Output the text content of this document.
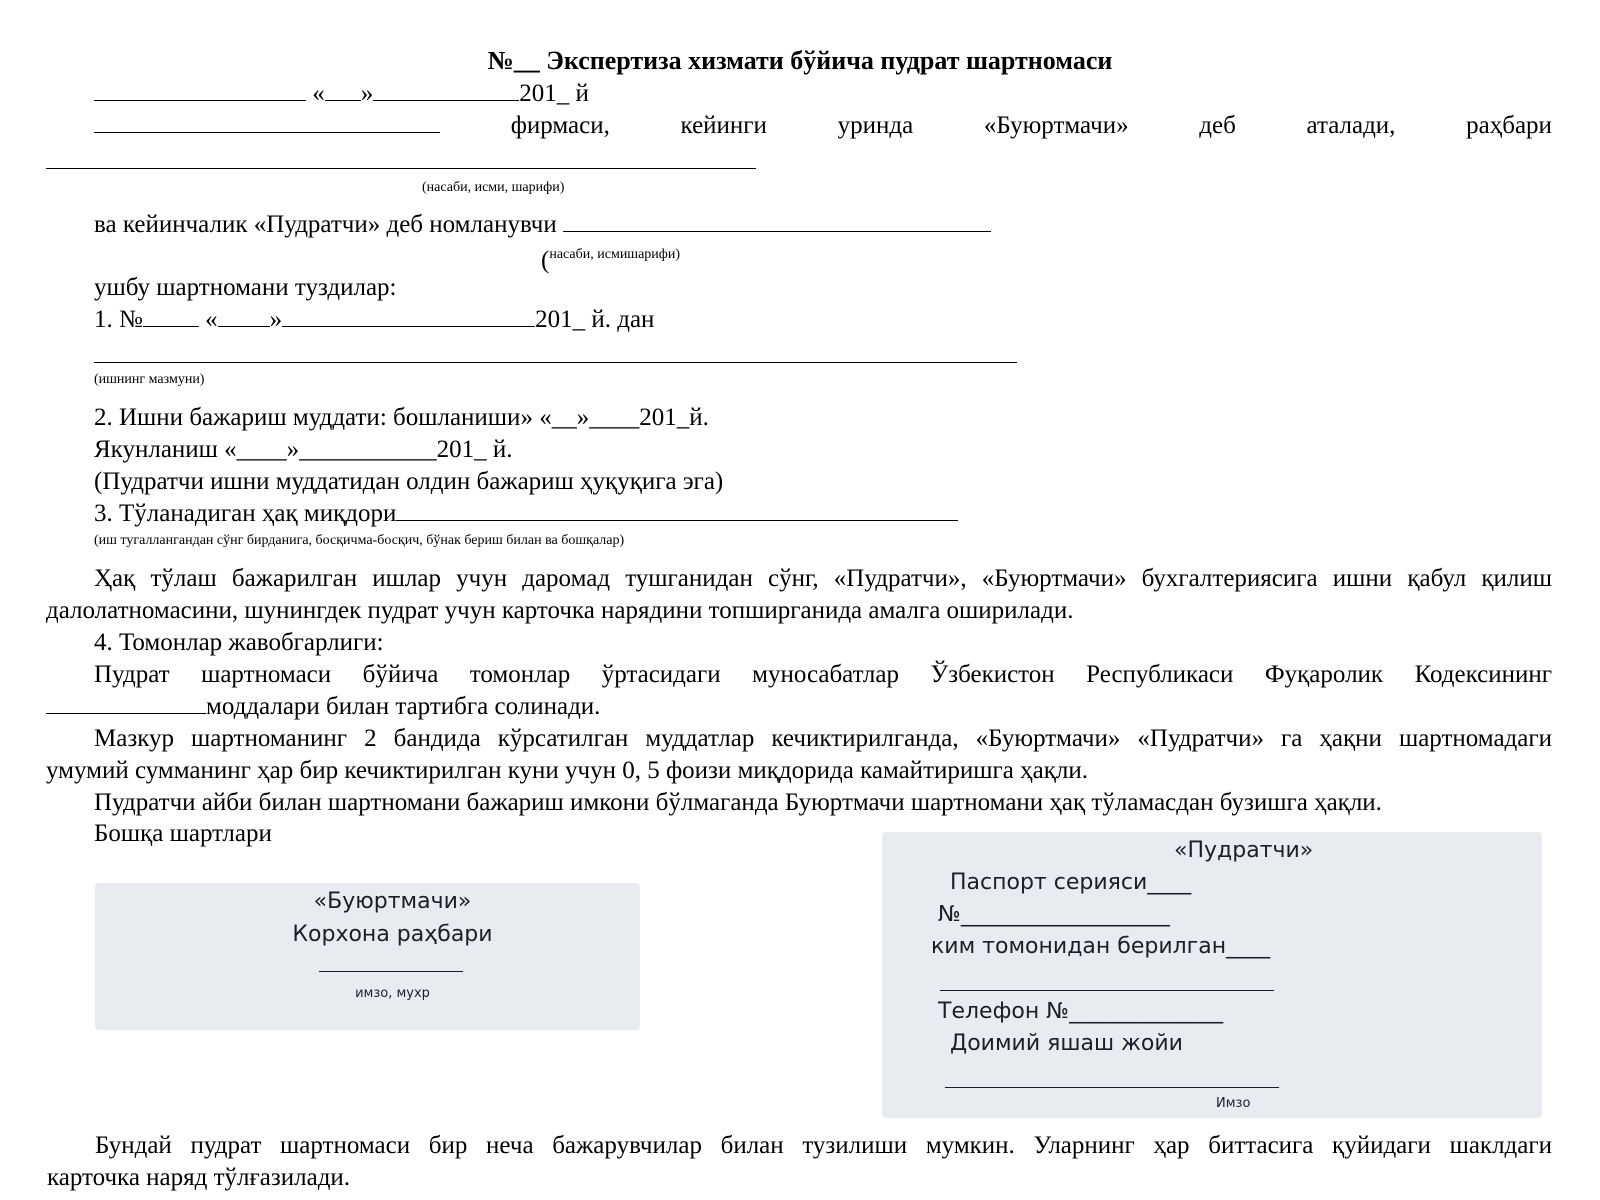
№__ Экспертиза хизмати бўйича пудрат шартномаси
« »	201_ й
фирмаси,	кейинги	уринда	«Буюртмачи»	деб	аталади,	раҳбари
(насаби, исми, шарифи)
ва кейинчалик «Пудратчи» деб номланувчи
(насаби, исмишарифи)
ушбу шартномани туздилар:
1. № « »	201_ й. дан
(ишнинг мазмуни)
2. Ишни бажариш муддати: бошланиши» «__»____201_й.
Якунланиш «____»___________201_ й.
(Пудратчи ишни муддатидан олдин бажариш ҳуқуқига эга)
3. Тўланадиган ҳақ миқдори
(иш тугаллангандан сўнг бирданига, босқичма-босқич, бўнак бериш билан ва бошқалар)
Ҳақ тўлаш бажарилган ишлар учун даромад тушганидан сўнг, «Пудратчи», «Буюртмачи» бухгалтериясига ишни қабул қилиш
далолатномасини, шунингдек пудрат учун карточка нарядини топширганида амалга оширилади.
4. Томонлар жавобгарлиги:
Пудрат шартномаси бўйича томонлар ўртасидаги муносабатлар Ўзбекистон Республикаси Фуқаролик Кодексининг
моддалари билан тартибга солинади.
Мазкур шартноманинг 2 бандида кўрсатилган муддатлар кечиктирилганда, «Буюртмачи» «Пудратчи» га ҳақни шартномадаги
умумий сумманинг ҳар бир кечиктирилган куни учун 0, 5 фоизи миқдорида камайтиришга ҳақли.
Пудратчи айби билан шартномани бажариш имкони бўлмаганда Буюртмачи шартномани ҳақ тўламасдан бузишга ҳақли.
Бошқа шартлари
«Буюртмачи»
Корхона раҳбари
имзо, мухр
«Пудратчи»
Паспорт серияси____
№___________________
ким томонидан берилган____
Телефон №______________
Доимий яшаш жойи
Имзо
Бундай пудрат шартномаси бир неча бажарувчилар билан тузилиши мумкин. Уларнинг ҳар биттасига қуйидаги шаклдаги
карточка наряд тўлғазилади.
